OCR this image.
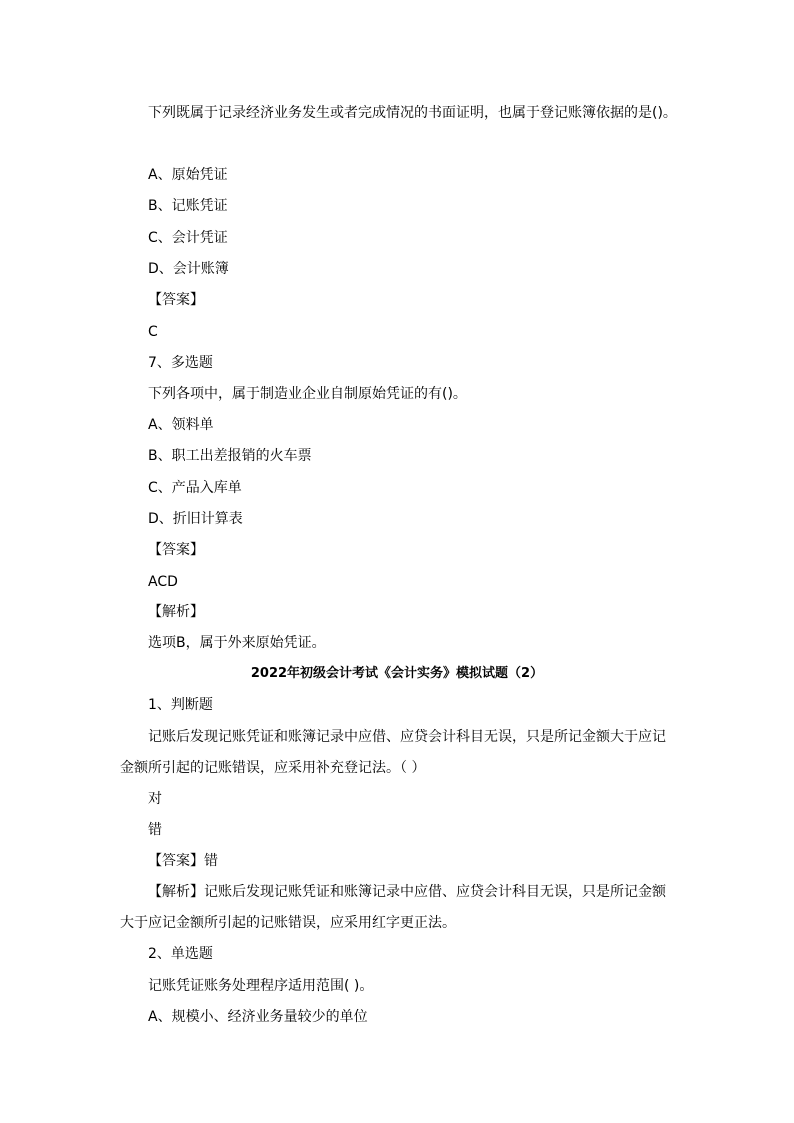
下列既属于记录经济业务发生或者完成情况的书面证明，也属于登记账簿依据的是()。
A、原始凭证
B、记账凭证
C、会计凭证
D、会计账簿
【答案】
C
7、多选题
下列各项中，属于制造业企业自制原始凭证的有()。
A、领料单
B、职工出差报销的火车票
C、产品入库单
D、折旧计算表
【答案】
ACD
【解析】
选项B，属于外来原始凭证。
2022年初级会计考试《会计实务》模拟试题（2）
1、判断题
记账后发现记账凭证和账簿记录中应借、应贷会计科目无误，只是所记金额大于应记
金额所引起的记账错误，应采用补充登记法。（ ）
对
错
【答案】错
【解析】记账后发现记账凭证和账簿记录中应借、应贷会计科目无误，只是所记金额
大于应记金额所引起的记账错误，应采用红字更正法。
2、单选题
记账凭证账务处理程序适用范围( )。
A、规模小、经济业务量较少的单位
